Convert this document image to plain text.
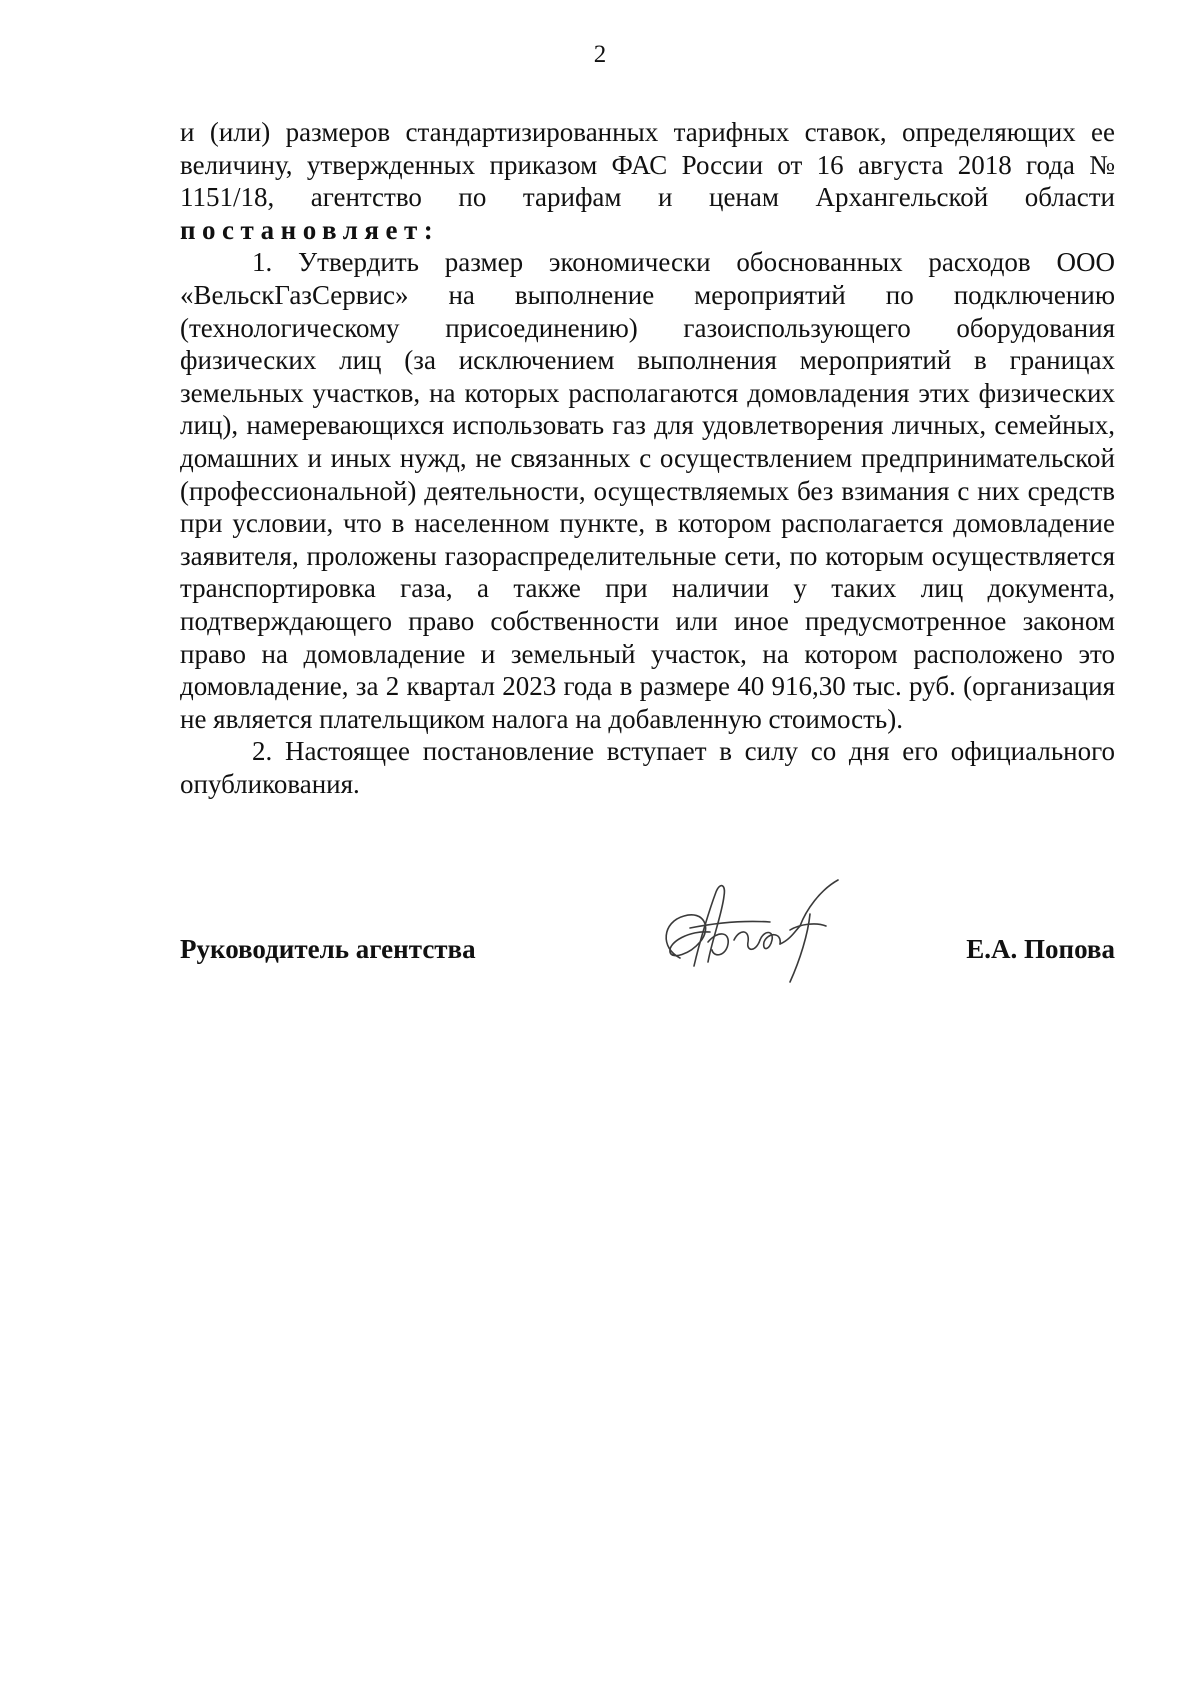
2

и (или) размеров стандартизированных тарифных ставок, определяющих ее величину, утвержденных приказом ФАС России от 16 августа 2018 года № 1151/18, агентство по тарифам и ценам Архангельской области постановляет:

1. Утвердить размер экономически обоснованных расходов ООО «ВельскГазСервис» на выполнение мероприятий по подключению (технологическому присоединению) газоиспользующего оборудования физических лиц (за исключением выполнения мероприятий в границах земельных участков, на которых располагаются домовладения этих физических лиц), намеревающихся использовать газ для удовлетворения личных, семейных, домашних и иных нужд, не связанных с осуществлением предпринимательской (профессиональной) деятельности, осуществляемых без взимания с них средств при условии, что в населенном пункте, в котором располагается домовладение заявителя, проложены газораспределительные сети, по которым осуществляется транспортировка газа, а также при наличии у таких лиц документа, подтверждающего право собственности или иное предусмотренное законом право на домовладение и земельный участок, на котором расположено это домовладение, за 2 квартал 2023 года в размере 40 916,30 тыс. руб. (организация не является плательщиком налога на добавленную стоимость).

2. Настоящее постановление вступает в силу со дня его официального опубликования.

Руководитель агентства	Е.А. Попова
